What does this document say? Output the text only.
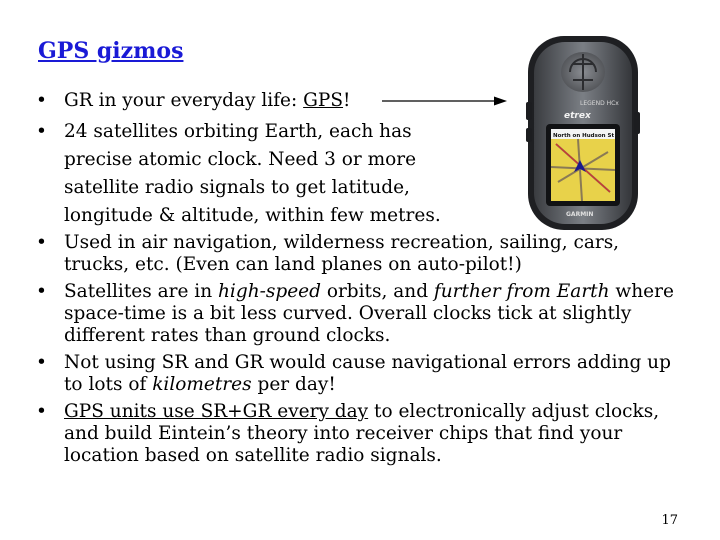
GPS gizmos
• GR in your everyday life: GPS!
• 24 satellites orbiting Earth, each has
precise atomic clock. Need 3 or more
satellite radio signals to get latitude,
longitude & altitude, within few metres.
• Used in air navigation, wilderness recreation, sailing, cars, trucks, etc. (Even can land planes on auto-pilot!)
• Satellites are in high-speed orbits, and further from Earth where space-time is a bit less curved. Overall clocks tick at slightly different rates than ground clocks.
• Not using SR and GR would cause navigational errors adding up to lots of kilometres per day!
• GPS units use SR+GR every day to electronically adjust clocks, and build Eintein’s theory into receiver chips that find your location based on satellite radio signals.
LEGEND HCx
etrex
North on Hudson St
GARMIN
17
